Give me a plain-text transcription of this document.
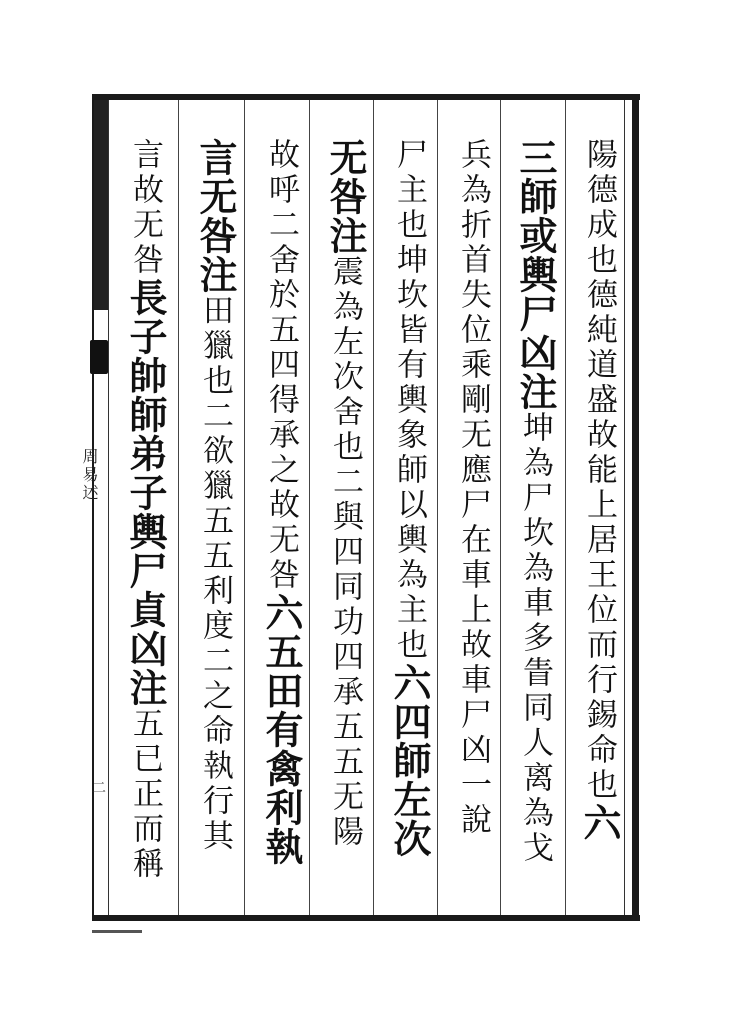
陽德成也德純道盛故能上居王位而行錫命也六
三師或輿尸凶注坤為尸坎為車多眚同人离為戈
兵為折首失位乘剛无應尸在車上故車尸凶一說
尸主也坤坎皆有輿象師以輿為主也六四師左次
无咎注震為左次舍也二與四同功四承五五无陽
故呼二舍於五四得承之故无咎六五田有禽利執
言无咎注田獵也二欲獵五五利度二之命執行其
言故无咎長子帥師弟子輿尸貞凶注五已正而稱
周易述
二
